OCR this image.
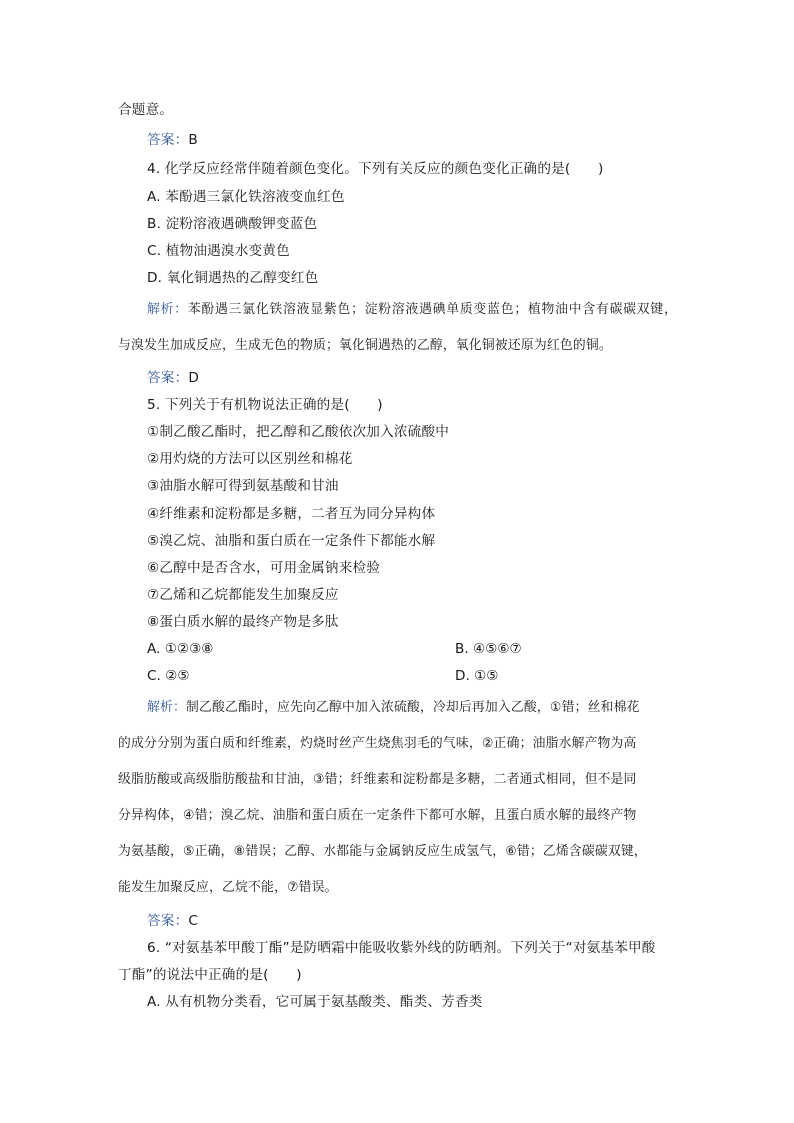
合题意。
答案：B
4. 化学反应经常伴随着颜色变化。下列有关反应的颜色变化正确的是(　　)
A. 苯酚遇三氯化铁溶液变血红色
B. 淀粉溶液遇碘酸钾变蓝色
C. 植物油遇溴水变黄色
D. 氧化铜遇热的乙醇变红色
解析：苯酚遇三氯化铁溶液显紫色；淀粉溶液遇碘单质变蓝色；植物油中含有碳碳双键，
与溴发生加成反应，生成无色的物质；氧化铜遇热的乙醇，氧化铜被还原为红色的铜。
答案：D
5. 下列关于有机物说法正确的是(　　)
①制乙酸乙酯时，把乙醇和乙酸依次加入浓硫酸中
②用灼烧的方法可以区别丝和棉花
③油脂水解可得到氨基酸和甘油
④纤维素和淀粉都是多糖，二者互为同分异构体
⑤溴乙烷、油脂和蛋白质在一定条件下都能水解
⑥乙醇中是否含水，可用金属钠来检验
⑦乙烯和乙烷都能发生加聚反应
⑧蛋白质水解的最终产物是多肽
A. ①②③⑧	B. ④⑤⑥⑦
C. ②⑤	D. ①⑤
解析：制乙酸乙酯时，应先向乙醇中加入浓硫酸，冷却后再加入乙酸，①错；丝和棉花
的成分分别为蛋白质和纤维素，灼烧时丝产生烧焦羽毛的气味，②正确；油脂水解产物为高
级脂肪酸或高级脂肪酸盐和甘油，③错；纤维素和淀粉都是多糖，二者通式相同，但不是同
分异构体，④错；溴乙烷、油脂和蛋白质在一定条件下都可水解，且蛋白质水解的最终产物
为氨基酸，⑤正确，⑧错误；乙醇、水都能与金属钠反应生成氢气，⑥错；乙烯含碳碳双键，
能发生加聚反应，乙烷不能，⑦错误。
答案：C
6. “对氨基苯甲酸丁酯”是防晒霜中能吸收紫外线的防晒剂。下列关于“对氨基苯甲酸
丁酯”的说法中正确的是(　　)
A. 从有机物分类看，它可属于氨基酸类、酯类、芳香类
